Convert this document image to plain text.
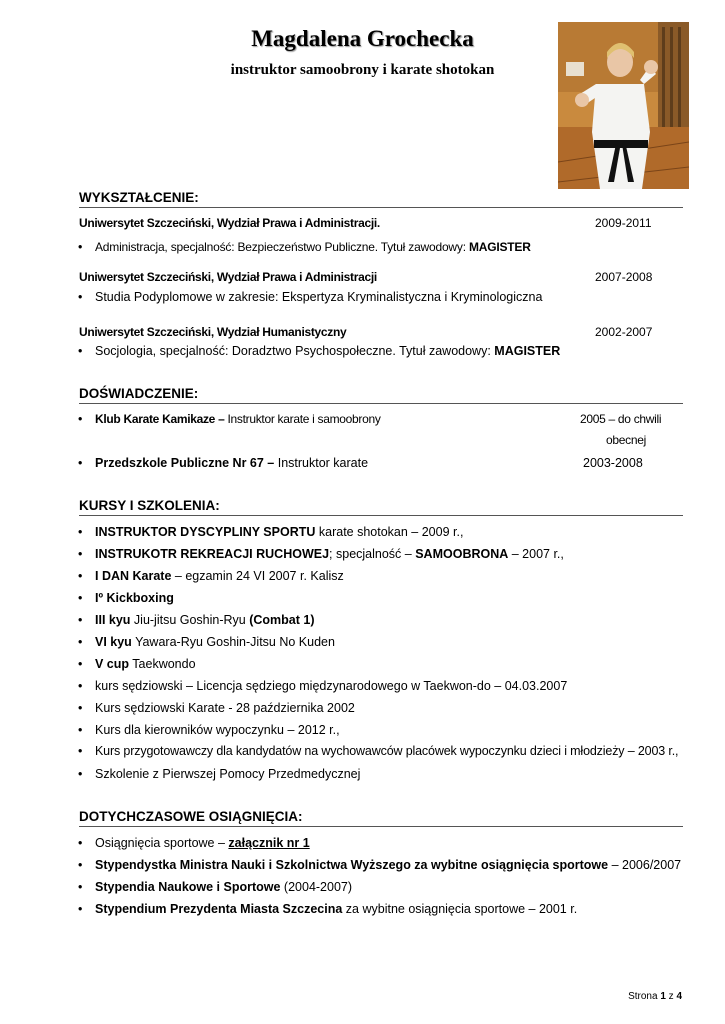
Magdalena Grochecka
instruktor samoobrony i karate shotokan
WYKSZTAŁCENIE:
Uniwersytet Szczeciński, Wydział Prawa i Administracji.	2009-2011
Administracja, specjalność: Bezpieczeństwo Publiczne. Tytuł zawodowy: MAGISTER
Uniwersytet Szczeciński, Wydział Prawa i Administracji	2007-2008
Studia Podyplomowe w zakresie: Ekspertyza Kryminalistyczna i Kryminologiczna
Uniwersytet Szczeciński, Wydział Humanistyczny	2002-2007
Socjologia, specjalność: Doradztwo Psychospołeczne. Tytuł zawodowy: MAGISTER
DOŚWIADCZENIE:
Klub Karate Kamikaze – Instruktor karate i samoobrony	2005 – do chwili
obecnej
Przedszkole Publiczne Nr 67 – Instruktor karate	2003-2008
KURSY I SZKOLENIA:
INSTRUKTOR DYSCYPLINY SPORTU karate shotokan – 2009 r.,
INSTRUKOTR REKREACJI RUCHOWEJ; specjalność – SAMOOBRONA – 2007 r.,
I DAN Karate – egzamin 24 VI 2007 r. Kalisz
Iº Kickboxing
III kyu Jiu-jitsu Goshin-Ryu (Combat 1)
VI kyu Yawara-Ryu Goshin-Jitsu No Kuden
V cup Taekwondo
kurs sędziowski – Licencja sędziego międzynarodowego w Taekwon-do – 04.03.2007
Kurs sędziowski Karate - 28 października 2002
Kurs dla kierowników wypoczynku – 2012 r.,
Kurs przygotowawczy dla kandydatów na wychowawców placówek wypoczynku dzieci i młodzieży – 2003 r.,
Szkolenie z Pierwszej Pomocy Przedmedycznej
DOTYCHCZASOWE OSIĄGNIĘCIA:
Osiągnięcia sportowe – załącznik nr 1
Stypendystka Ministra Nauki i Szkolnictwa Wyższego za wybitne osiągnięcia sportowe – 2006/2007
Stypendia Naukowe i Sportowe (2004-2007)
Stypendium Prezydenta Miasta Szczecina za wybitne osiągnięcia sportowe – 2001 r.
Strona 1 z 4
